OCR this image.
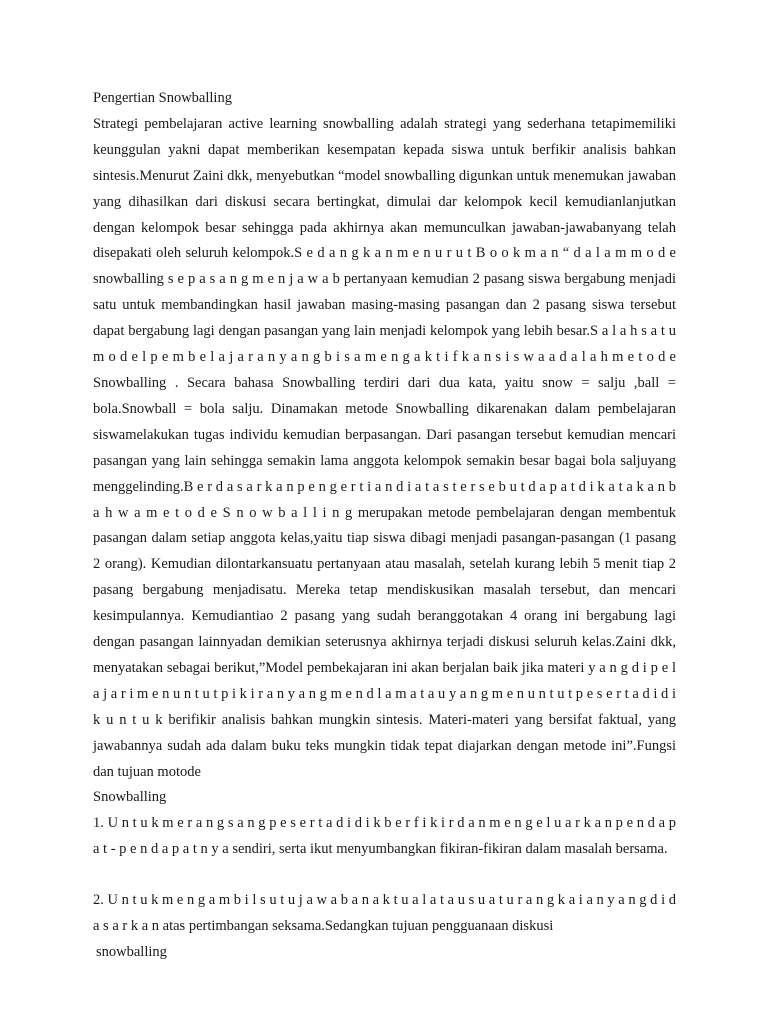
Pengertian Snowballing

Strategi pembelajaran active learning snowballing adalah strategi yang sederhana tetapimemiliki keunggulan yakni dapat memberikan kesempatan kepada siswa untuk berfikir analisis bahkan sintesis.Menurut Zaini dkk, menyebutkan “model snowballing digunkan untuk menemukan jawaban yang dihasilkan dari diskusi secara bertingkat, dimulai dar kelompok kecil kemudianlanjutkan dengan kelompok besar sehingga pada akhirnya akan memunculkan jawaban-jawabanyang telah disepakati oleh seluruh kelompok.S e d a n g k a n m e n u r u t B o o k m a n “ d a l a m m o d e snowballing s e p a s a n g m e n j a w a b pertanyaan kemudian 2 pasang siswa bergabung menjadi satu untuk membandingkan hasil jawaban masing-masing pasangan dan 2 pasang siswa tersebut dapat bergabung lagi dengan pasangan yang lain menjadi kelompok yang lebih besar.S a l a h s a t u m o d e l p e m b e l a j a r a n y a n g b i s a m e n g a k t i f k a n s i s w a a d a l a h m e t o d e Snowballing . Secara bahasa Snowballing terdiri dari dua kata, yaitu snow = salju ,ball = bola.Snowball = bola salju. Dinamakan metode Snowballing dikarenakan dalam pembelajaran siswamelakukan tugas individu kemudian berpasangan. Dari pasangan tersebut kemudian mencari pasangan yang lain sehingga semakin lama anggota kelompok semakin besar bagai bola saljuyang menggelinding.B e r d a s a r k a n p e n g e r t i a n d i a t a s t e r s e b u t d a p a t d i k a t a k a n b a h w a m e t o d e S n o w b a l l i n g merupakan metode pembelajaran dengan membentuk pasangan dalam setiap anggota kelas,yaitu tiap siswa dibagi menjadi pasangan-pasangan (1 pasang 2 orang). Kemudian dilontarkansuatu pertanyaan atau masalah, setelah kurang lebih 5 menit tiap 2 pasang bergabung menjadisatu. Mereka tetap mendiskusikan masalah tersebut, dan mencari kesimpulannya. Kemudiantiao 2 pasang yang sudah beranggotakan 4 orang ini bergabung lagi dengan pasangan lainnyadan demikian seterusnya akhirnya terjadi diskusi seluruh kelas.Zaini dkk, menyatakan sebagai berikut,”Model pembekajaran ini akan berjalan baik jika materi y a n g d i p e l a j a r i m e n u n t u t p i k i r a n y a n g m e n d l a m a t a u y a n g m e n u n t u t p e s e r t a d i d i k u n t u k berifikir analisis bahkan mungkin sintesis. Materi-materi yang bersifat faktual, yang jawabannya sudah ada dalam buku teks mungkin tidak tepat diajarkan dengan metode ini”.Fungsi dan tujuan motode

Snowballing

1. U n t u k m e r a n g s a n g p e s e r t a d i d i k b e r f i k i r d a n m e n g e l u a r k a n p e n d a p a t - p e n d a p a t n y a sendiri, serta ikut menyumbangkan fikiran-fikiran dalam masalah bersama.

2. U n t u k m e n g a m b i l s u t u j a w a b a n a k t u a l a t a u s u a t u r a n g k a i a n y a n g d i d a s a r k a n atas pertimbangan seksama.Sedangkan tujuan pengguanaan diskusi

snowballing
